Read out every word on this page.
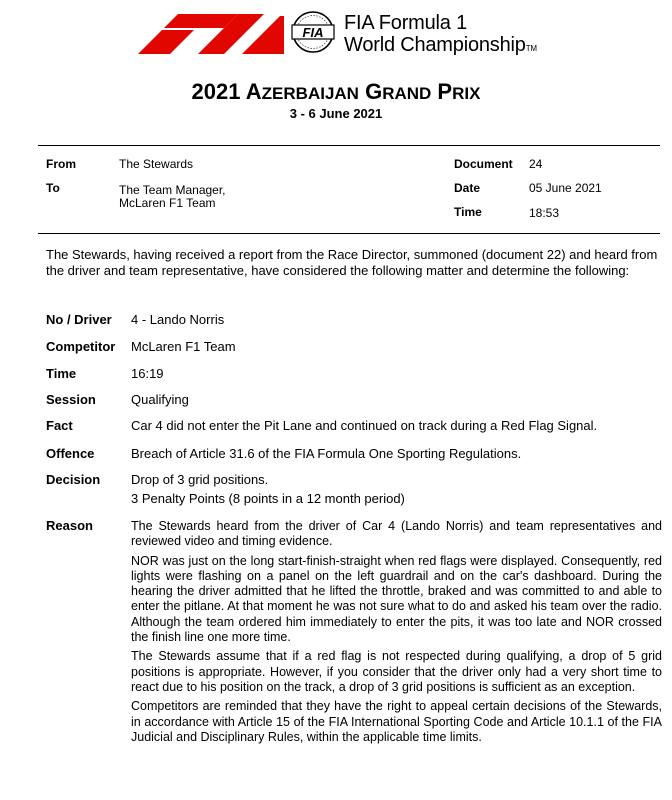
FIA FIA Formula 1
World ChampionshipTM
2021 AZERBAIJAN GRAND PRIX
3 - 6 June 2021
From	The Stewards
To	The Team Manager,
McLaren F1 Team
Document 24
Date	05 June 2021
Time	18:53
The Stewards, having received a report from the Race Director, summoned (document 22) and heard from the driver and team representative, have considered the following matter and determine the following:
No / Driver 4 - Lando Norris
Competitor McLaren F1 Team
Time	16:19
Session	Qualifying
Fact	Car 4 did not enter the Pit Lane and continued on track during a Red Flag Signal.
Offence	Breach of Article 31.6 of the FIA Formula One Sporting Regulations.
Decision Drop of 3 grid positions.
3 Penalty Points (8 points in a 12 month period)
Reason	The Stewards heard from the driver of Car 4 (Lando Norris) and team representatives and reviewed video and timing evidence.

NOR was just on the long start-finish-straight when red flags were displayed. Consequently, red lights were flashing on a panel on the left guardrail and on the car's dashboard. During the hearing the driver admitted that he lifted the throttle, braked and was committed to and able to enter the pitlane. At that moment he was not sure what to do and asked his team over the radio. Although the team ordered him immediately to enter the pits, it was too late and NOR crossed the finish line one more time.

The Stewards assume that if a red flag is not respected during qualifying, a drop of 5 grid positions is appropriate. However, if you consider that the driver only had a very short time to react due to his position on the track, a drop of 3 grid positions is sufficient as an exception.

Competitors are reminded that they have the right to appeal certain decisions of the Stewards, in accordance with Article 15 of the FIA International Sporting Code and Article 10.1.1 of the FIA Judicial and Disciplinary Rules, within the applicable time limits.
